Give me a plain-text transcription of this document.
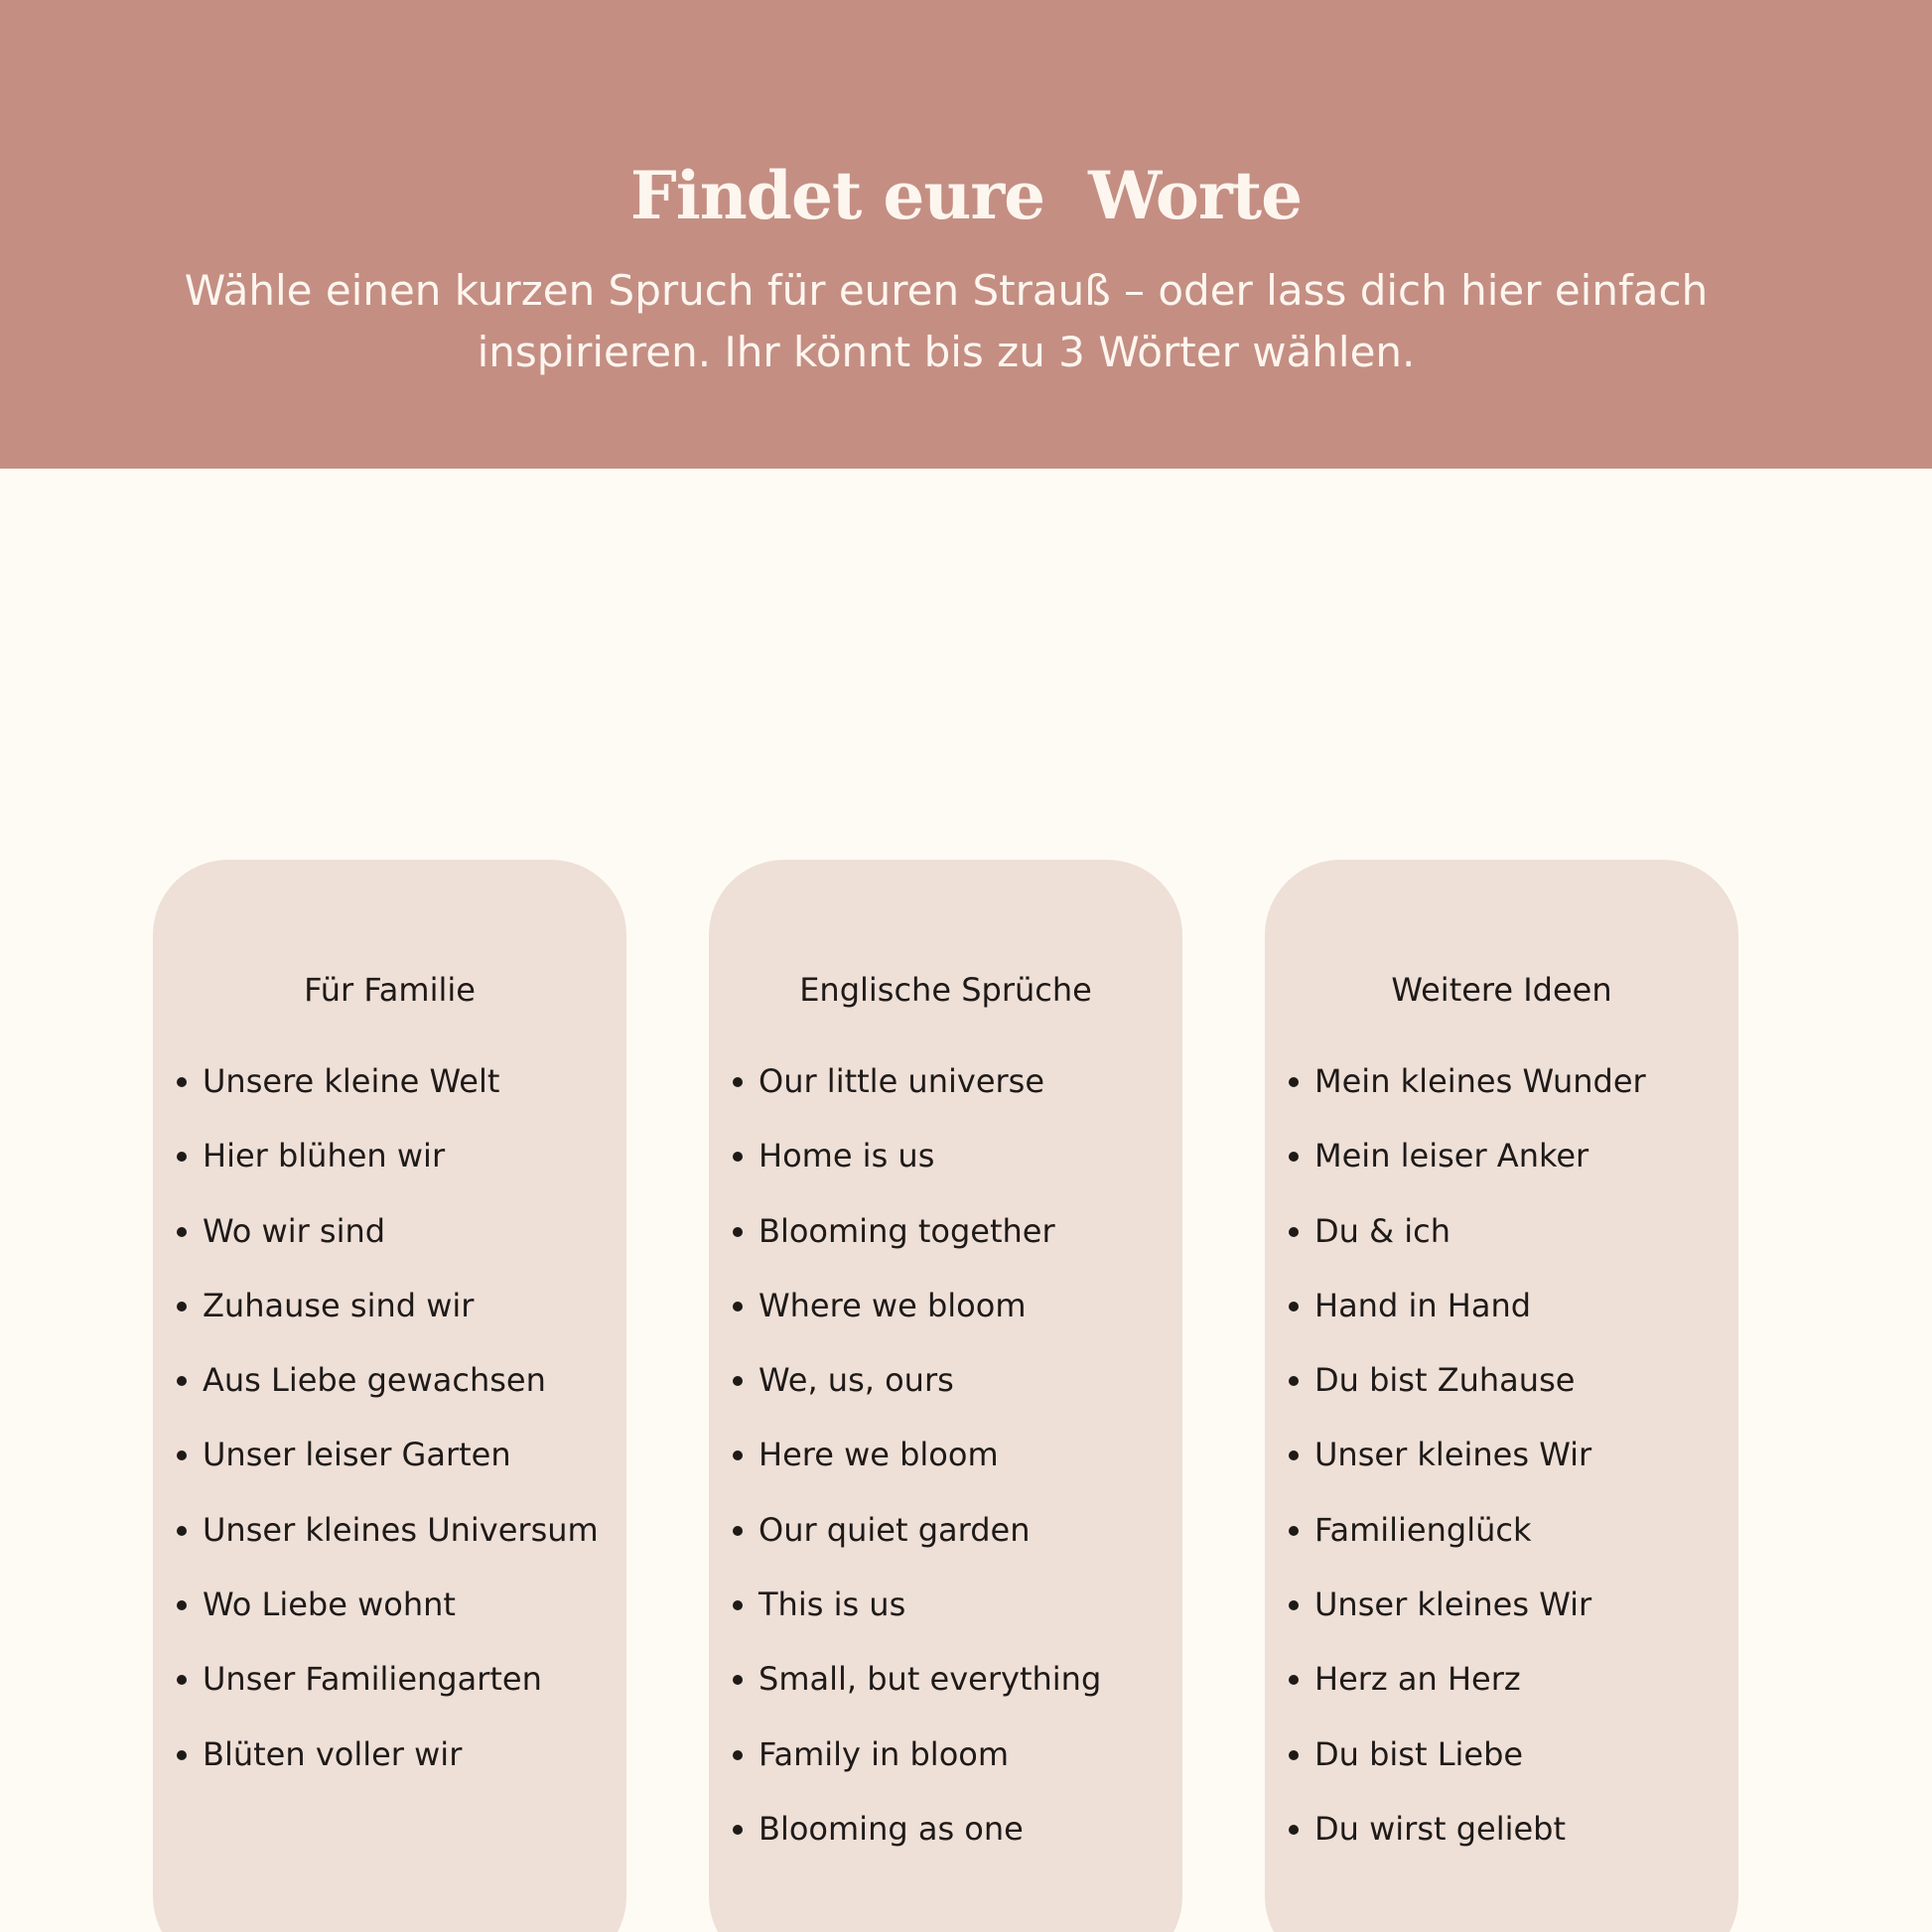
Findet eure  Worte
Wähle einen kurzen Spruch für euren Strauß – oder lass dich hier einfach inspirieren. Ihr könnt bis zu 3 Wörter wählen.
Für Familie
Unsere kleine Welt
Hier blühen wir
Wo wir sind
Zuhause sind wir
Aus Liebe gewachsen
Unser leiser Garten
Unser kleines Universum
Wo Liebe wohnt
Unser Familiengarten
Blüten voller wir
Englische Sprüche
Our little universe
Home is us
Blooming together
Where we bloom
We, us, ours
Here we bloom
Our quiet garden
This is us
Small, but everything
Family in bloom
Blooming as one
Weitere Ideen
Mein kleines Wunder
Mein leiser Anker
Du & ich
Hand in Hand
Du bist Zuhause
Unser kleines Wir
Familienglück
Unser kleines Wir
Herz an Herz
Du bist Liebe
Du wirst geliebt
